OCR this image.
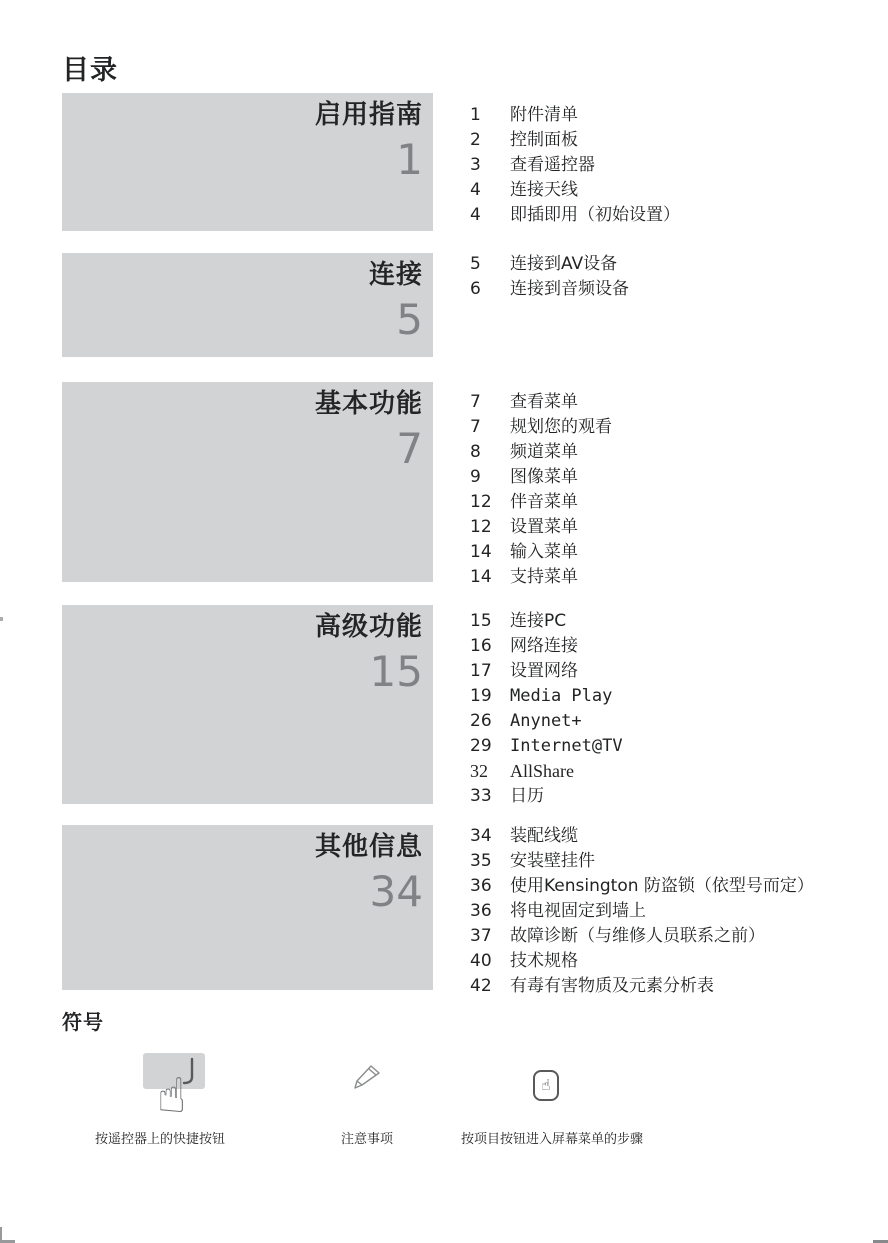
目录
启用指南
1
1 附件清单
2 控制面板
3 查看遥控器
4 连接天线
4 即插即用（初始设置）
连接
5
5 连接到AV设备
6 连接到音频设备
基本功能
7
7 查看菜单
7 规划您的观看
8 频道菜单
9 图像菜单
12 伴音菜单
12 设置菜单
14 输入菜单
14 支持菜单
高级功能
15
15 连接PC
16 网络连接
17 设置网络
19 Media Play
26 Anynet+
29 Internet@TV
32 AllShare
33 日历
其他信息
34
34 装配线缆
35 安装壁挂件
36 使用Kensington 防盗锁（依型号而定）
36 将电视固定到墙上
37 故障诊断（与维修人员联系之前）
40 技术规格
42 有毒有害物质及元素分析表
符号
☝	☝
按遥控器上的快捷按钮	注意事项	按项目按钮进入屏幕菜单的步骤
